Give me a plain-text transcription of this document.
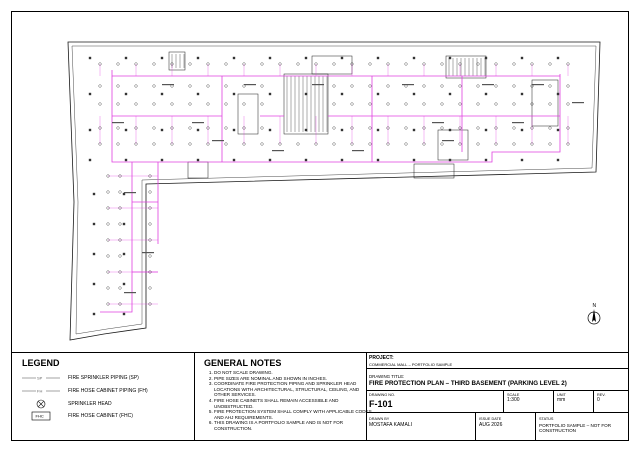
N
LEGEND
SP	FIRE SPRINKLER PIPING (SP)
FH	FIRE HOSE CABINET PIPING (FH)
SPRINKLER HEAD
FHC	FIRE HOSE CABINET (FHC)
GENERAL NOTES
1. DO NOT SCALE DRAWING.
2. PIPE SIZES ARE NOMINAL AND SHOWN IN INCHES.
3. COORDINATE FIRE PROTECTION PIPING AND SPRINKLER HEAD LOCATIONS WITH ARCHITECTURAL, STRUCTURAL, CEILING, AND OTHER SERVICES.
4. FIRE HOSE CABINETS SHALL REMAIN ACCESSIBLE AND UNOBSTRUCTED.
5. FIRE PROTECTION SYSTEM SHALL COMPLY WITH APPLICABLE CODES AND AHJ REQUIREMENTS.
6. THIS DRAWING IS A PORTFOLIO SAMPLE AND IS NOT FOR CONSTRUCTION.
PROJECT:
COMMERCIAL MALL – PORTFOLIO SAMPLE
DRAWING TITLE:
FIRE PROTECTION PLAN – THIRD BASEMENT (PARKING LEVEL 2)
DRAWING NO.
F-101
SCALE
1:300
UNIT
mm
REV.
0
DRAWN BY
MOSTAFA KAMALI
ISSUE DATE
AUG 2026
STATUS
PORTFOLIO SAMPLE – NOT FOR CONSTRUCTION
